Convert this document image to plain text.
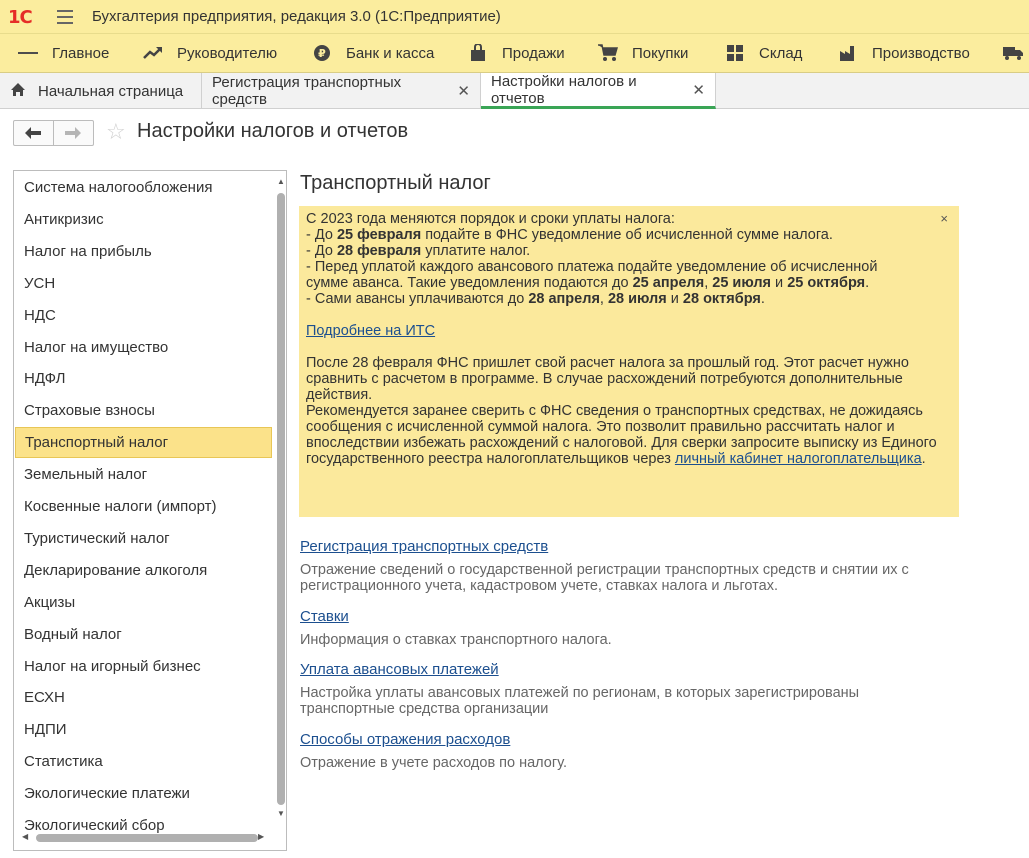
1С	Бухгалтерия предприятия, редакция 3.0 (1С:Предприятие)
Главное	Руководителю	₽ Банк и касса	Продажи	Покупки	Склад	Производство
Начальная страница Регистрация транспортных средств	✕
Настройки налогов и отчетов	✕
☆ Настройки налогов и отчетов
Экологический сбор
Экологические платежи
Статистика
НДПИ
ЕСХН
Налог на игорный бизнес
Водный налог
Акцизы
Декларирование алкоголя
Туристический налог
Косвенные налоги (импорт)
Земельный налог
Транспортный налог
Страховые взносы
НДФЛ
Налог на имущество
НДС
УСН
Налог на прибыль
Антикризис
Система налогообложения	▲
▼
◀	▶
Транспортный налог
×

С 2023 года меняются порядок и сроки уплаты налога:

- До 25 февраля подайте в ФНС уведомление об исчисленной сумме налога.

- До 28 февраля уплатите налог.

- Перед уплатой каждого авансового платежа подайте уведомление об исчисленной

сумме аванса. Такие уведомления подаются до 25 апреля, 25 июля и 25 октября.

- Сами авансы уплачиваются до 28 апреля, 28 июля и 28 октября.

Подробнее на ИТС

После 28 февраля ФНС пришлет свой расчет налога за прошлый год. Этот расчет нужно сравнить с расчетом в программе. В случае расхождений потребуются дополнительные действия.

Рекомендуется заранее сверить с ФНС сведения о транспортных средствах, не дожидаясь сообщения с исчисленной суммой налога. Это позволит правильно рассчитать налог и впоследствии избежать расхождений с налоговой. Для сверки запросите выписку из Единого государственного реестра налогоплательщиков через личный кабинет налогоплательщика.

Регистрация транспортных средств
Отражение сведений о государственной регистрации транспортных средств и снятии их с регистрационного учета, кадастровом учете, ставках налога и льготах.
Ставки
Информация о ставках транспортного налога.
Уплата авансовых платежей
Настройка уплаты авансовых платежей по регионам, в которых зарегистрированы транспортные средства организации
Способы отражения расходов
Отражение в учете расходов по налогу.
